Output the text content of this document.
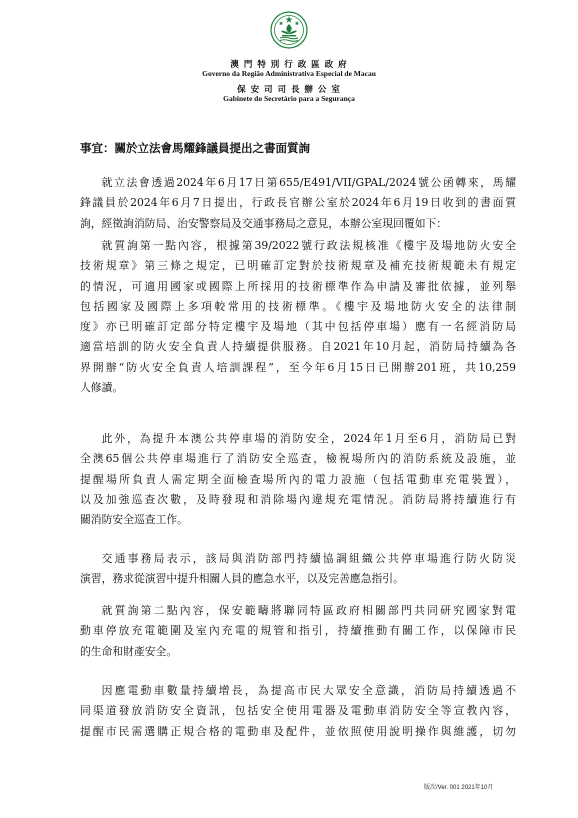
澳 門 特 別 行 政 區 政 府
Governo da Região Administrativa Especial de Macau
保 安 司 司 長 辦 公 室
Gabinete do Secretário para a Segurança
事宜：關於立法會馬耀鋒議員提出之書面質詢
就立法會透過2024年6月17日第655/E491/VII/GPAL/2024號公函轉來，馬耀
鋒議員於2024年6月7日提出，行政長官辦公室於2024年6月19日收到的書面質
詢，經徵詢消防局、治安警察局及交通事務局之意見，本辦公室現回覆如下：
就質詢第一點內容，根據第39/2022號行政法規核准《樓宇及場地防火安全
技術規章》第三條之規定，已明確訂定對於技術規章及補充技術規範未有規定
的情況，可適用國家或國際上所採用的技術標準作為申請及審批依據，並列舉
包括國家及國際上多項較常用的技術標準。《樓宇及場地防火安全的法律制
度》亦已明確訂定部分特定樓宇及場地（其中包括停車場）應有一名經消防局
適當培訓的防火安全負責人持續提供服務。自2021年10月起，消防局持續為各
界開辦“防火安全負責人培訓課程”，至今年6月15日已開辦201班，共10,259
人修讀。
此外，為提升本澳公共停車場的消防安全，2024年1月至6月，消防局已對
全澳65個公共停車場進行了消防安全巡查，檢視場所內的消防系統及設施，並
提醒場所負責人需定期全面檢查場所內的電力設施（包括電動車充電裝置），
以及加強巡查次數，及時發現和消除場內違規充電情況。消防局將持續進行有
關消防安全巡查工作。
交通事務局表示，該局與消防部門持續協調組織公共停車場進行防火防災
演習，務求從演習中提升相關人員的應急水平，以及完善應急指引。
就質詢第二點內容，保安範疇將聯同特區政府相關部門共同研究國家對電
動車停放充電範圍及室內充電的規管和指引，持續推動有關工作，以保障市民
的生命和財產安全。
因應電動車數量持續增長，為提高市民大眾安全意識，消防局持續透過不
同渠道發放消防安全資訊，包括安全使用電器及電動車消防安全等宣教內容，
提醒市民需選購正規合格的電動車及配件，並依照使用說明操作與維護，切勿
版次/Ver. 001 2021年10月
